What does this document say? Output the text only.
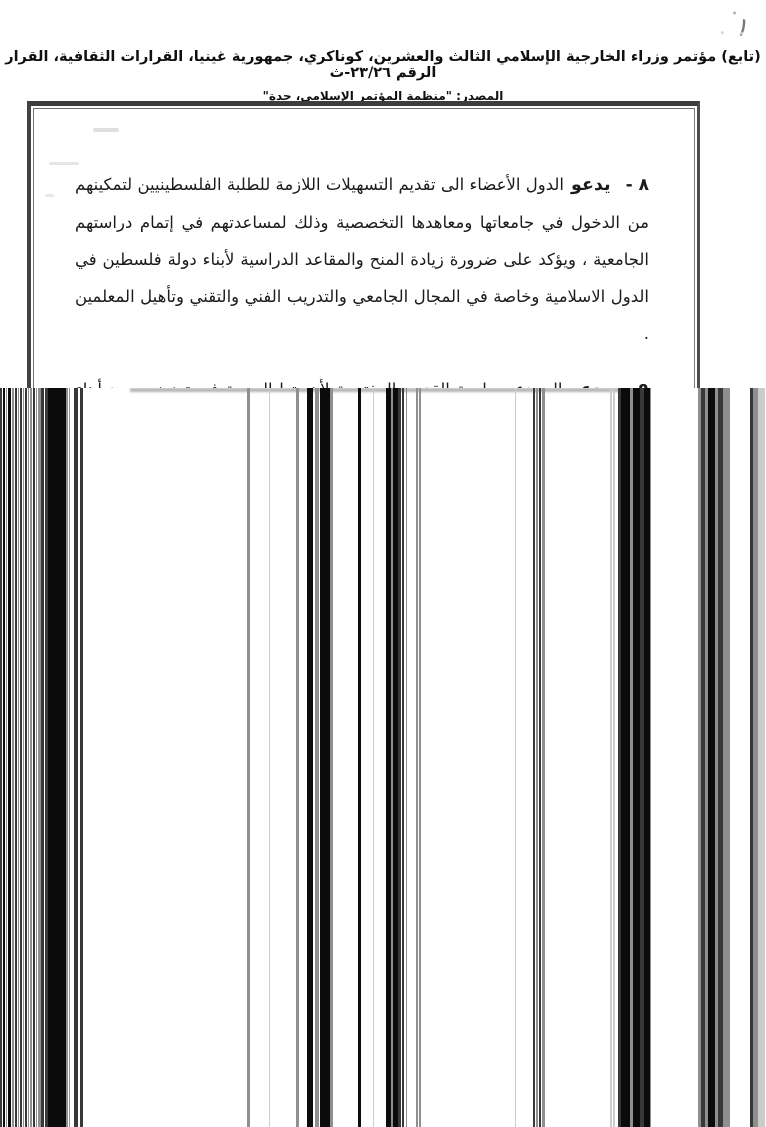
١
(تابع) مؤتمر وزراء الخارجية الإسلامي الثالث والعشرين، كوناكري، جمهورية غينيا، القرارات الثقافية، القرار الرقم ٢٣/٢٦-ث
المصدر: "منظمة المؤتمر الإسلامي، جدة"
٨ -يدعوالدول الأعضاء الى تقديم التسهيلات اللازمة للطلبة الفلسطينيين لتمكينهم من الدخول في جامعاتها ومعاهدها التخصصية وذلك لمساعدتهم في إتمام دراستهم الجامعية ، ويؤكد على ضرورة زيادة المنح والمقاعد الدراسية لأبناء دولة فلسطين في الدول الاسلامية وخاصة في المجال الجامعي والتدريب الفني والتقني وتأهيل المعلمين .
